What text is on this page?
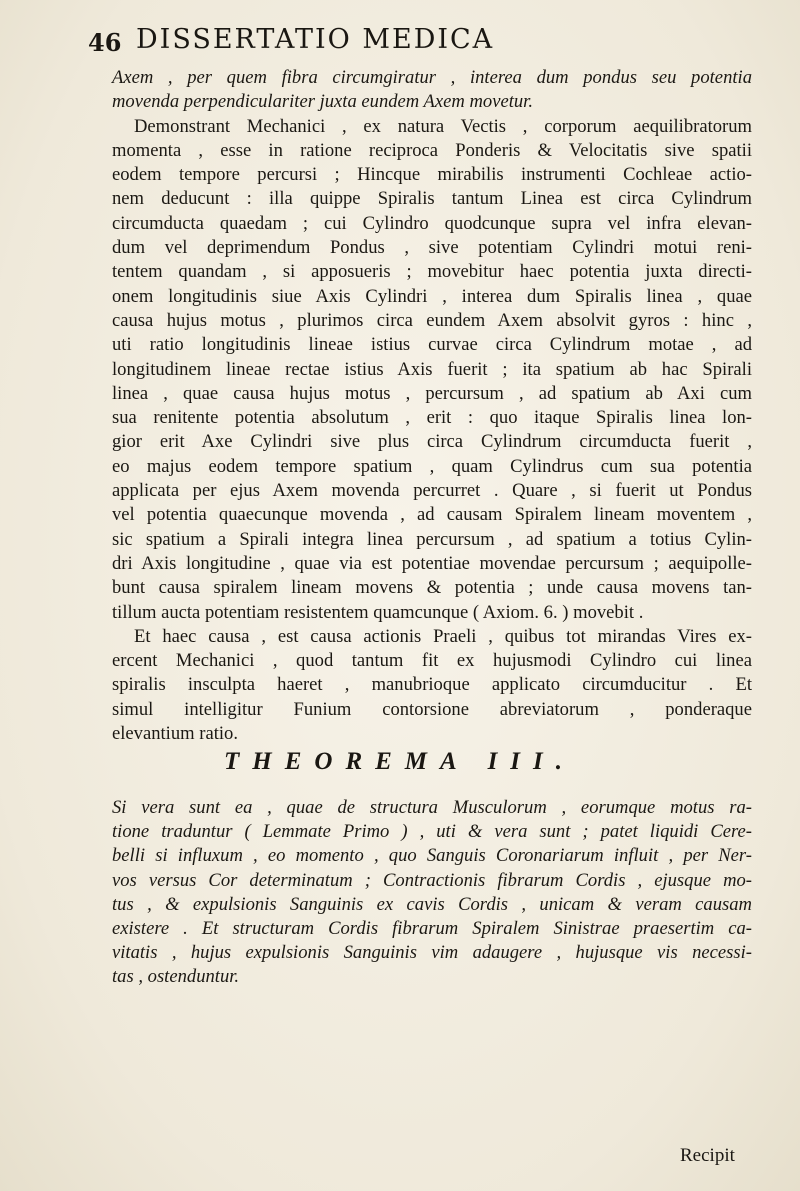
46 DISSERTATIO MEDICA

Axem , per quem fibra circumgiratur , interea dum pondus seu potentia

movenda perpendiculariter juxta eundem Axem movetur.

Demonstrant Mechanici , ex natura Vectis , corporum aequilibratorum

momenta , esse in ratione reciproca Ponderis & Velocitatis sive spatii

eodem tempore percursi ; Hincque mirabilis instrumenti Cochleae actio-

nem deducunt : illa quippe Spiralis tantum Linea est circa Cylindrum

circumducta quaedam ; cui Cylindro quodcunque supra vel infra elevan-

dum vel deprimendum Pondus , sive potentiam Cylindri motui reni-

tentem quandam , si apposueris ; movebitur haec potentia juxta directi-

onem longitudinis siue Axis Cylindri , interea dum Spiralis linea , quae

causa hujus motus , plurimos circa eundem Axem absolvit gyros : hinc ,

uti ratio longitudinis lineae istius curvae circa Cylindrum motae , ad

longitudinem lineae rectae istius Axis fuerit ; ita spatium ab hac Spirali

linea , quae causa hujus motus , percursum , ad spatium ab Axi cum

sua renitente potentia absolutum , erit : quo itaque Spiralis linea lon-

gior erit Axe Cylindri sive plus circa Cylindrum circumducta fuerit ,

eo majus eodem tempore spatium , quam Cylindrus cum sua potentia

applicata per ejus Axem movenda percurret . Quare , si fuerit ut Pondus

vel potentia quaecunque movenda , ad causam Spiralem lineam moventem ,

sic spatium a Spirali integra linea percursum , ad spatium a totius Cylin-

dri Axis longitudine , quae via est potentiae movendae percursum ; aequipolle-

bunt causa spiralem lineam movens & potentia ; unde causa movens tan-

tillum aucta potentiam resistentem quamcunque ( Axiom. 6. ) movebit .

Et haec causa , est causa actionis Praeli , quibus tot mirandas Vires ex-

ercent Mechanici , quod tantum fit ex hujusmodi Cylindro cui linea

spiralis insculpta haeret , manubrioque applicato circumducitur . Et

simul intelligitur Funium contorsione abreviatorum , ponderaque

elevantium ratio.

THEOREMA III.

Si vera sunt ea , quae de structura Musculorum , eorumque motus ra-

tione traduntur ( Lemmate Primo ) , uti & vera sunt ; patet liquidi Cere-

belli si influxum , eo momento , quo Sanguis Coronariarum influit , per Ner-

vos versus Cor determinatum ; Contractionis fibrarum Cordis , ejusque mo-

tus , & expulsionis Sanguinis ex cavis Cordis , unicam & veram causam

existere . Et structuram Cordis fibrarum Spiralem Sinistrae praesertim ca-

vitatis , hujus expulsionis Sanguinis vim adaugere , hujusque vis necessi-

tas , ostenduntur.

Recipit
